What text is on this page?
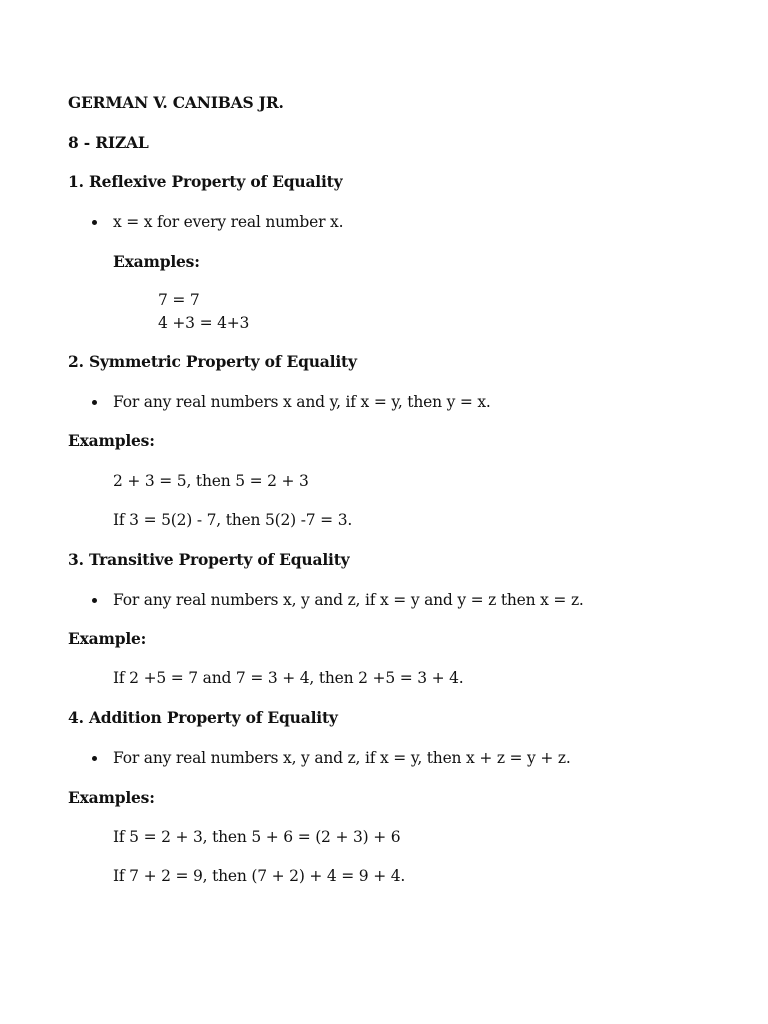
GERMAN V. CANIBAS JR.
8 - RIZAL
1. Reflexive Property of Equality
x = x for every real number x.
Examples:
7 = 7
4 +3 = 4+3
2. Symmetric Property of Equality
For any real numbers x and y, if x = y, then y = x.
Examples:
2 + 3 = 5, then 5 = 2 + 3
If 3 = 5(2) - 7, then 5(2) -7 = 3.
3. Transitive Property of Equality
For any real numbers x, y and z, if x = y and y = z then x = z.
Example:
If 2 +5 = 7 and 7 = 3 + 4, then 2 +5 = 3 + 4.
4. Addition Property of Equality
For any real numbers x, y and z, if x = y, then x + z = y + z.
Examples:
If 5 = 2 + 3, then 5 + 6 = (2 + 3) + 6
If 7 + 2 = 9, then (7 + 2) + 4 = 9 + 4.
